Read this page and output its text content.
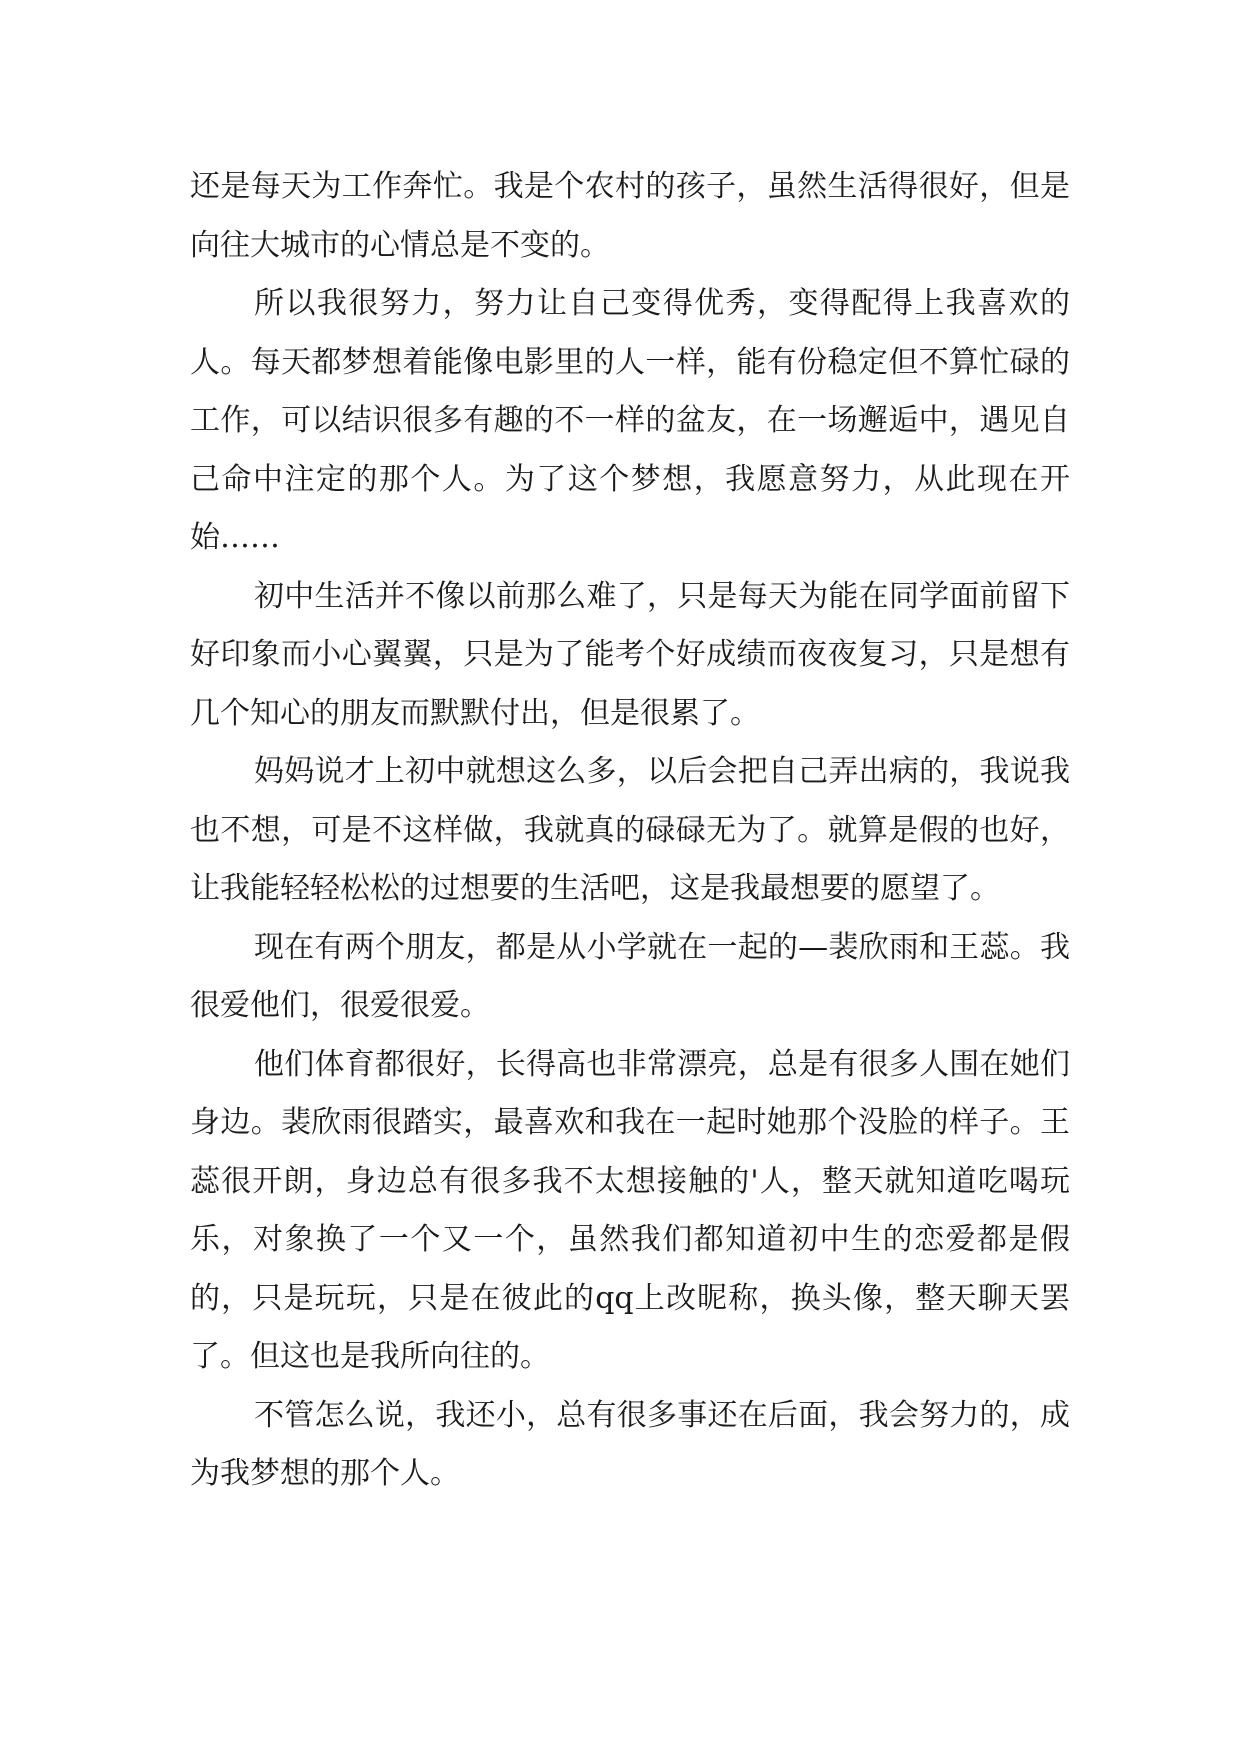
还是每天为工作奔忙。我是个农村的孩子，虽然生活得很好，但是向往大城市的心情总是不变的。

所以我很努力，努力让自己变得优秀，变得配得上我喜欢的人。每天都梦想着能像电影里的人一样，能有份稳定但不算忙碌的工作，可以结识很多有趣的不一样的盆友，在一场邂逅中，遇见自己命中注定的那个人。为了这个梦想，我愿意努力，从此现在开始……

初中生活并不像以前那么难了，只是每天为能在同学面前留下好印象而小心翼翼，只是为了能考个好成绩而夜夜复习，只是想有几个知心的朋友而默默付出，但是很累了。

妈妈说才上初中就想这么多，以后会把自己弄出病的，我说我也不想，可是不这样做，我就真的碌碌无为了。就算是假的也好，让我能轻轻松松的过想要的生活吧，这是我最想要的愿望了。

现在有两个朋友，都是从小学就在一起的—裴欣雨和王蕊。我很爱他们，很爱很爱。

他们体育都很好，长得高也非常漂亮，总是有很多人围在她们身边。裴欣雨很踏实，最喜欢和我在一起时她那个没脸的样子。王蕊很开朗，身边总有很多我不太想接触的'人，整天就知道吃喝玩乐，对象换了一个又一个，虽然我们都知道初中生的恋爱都是假的，只是玩玩，只是在彼此的qq上改昵称，换头像，整天聊天罢了。但这也是我所向往的。

不管怎么说，我还小，总有很多事还在后面，我会努力的，成为我梦想的那个人。
